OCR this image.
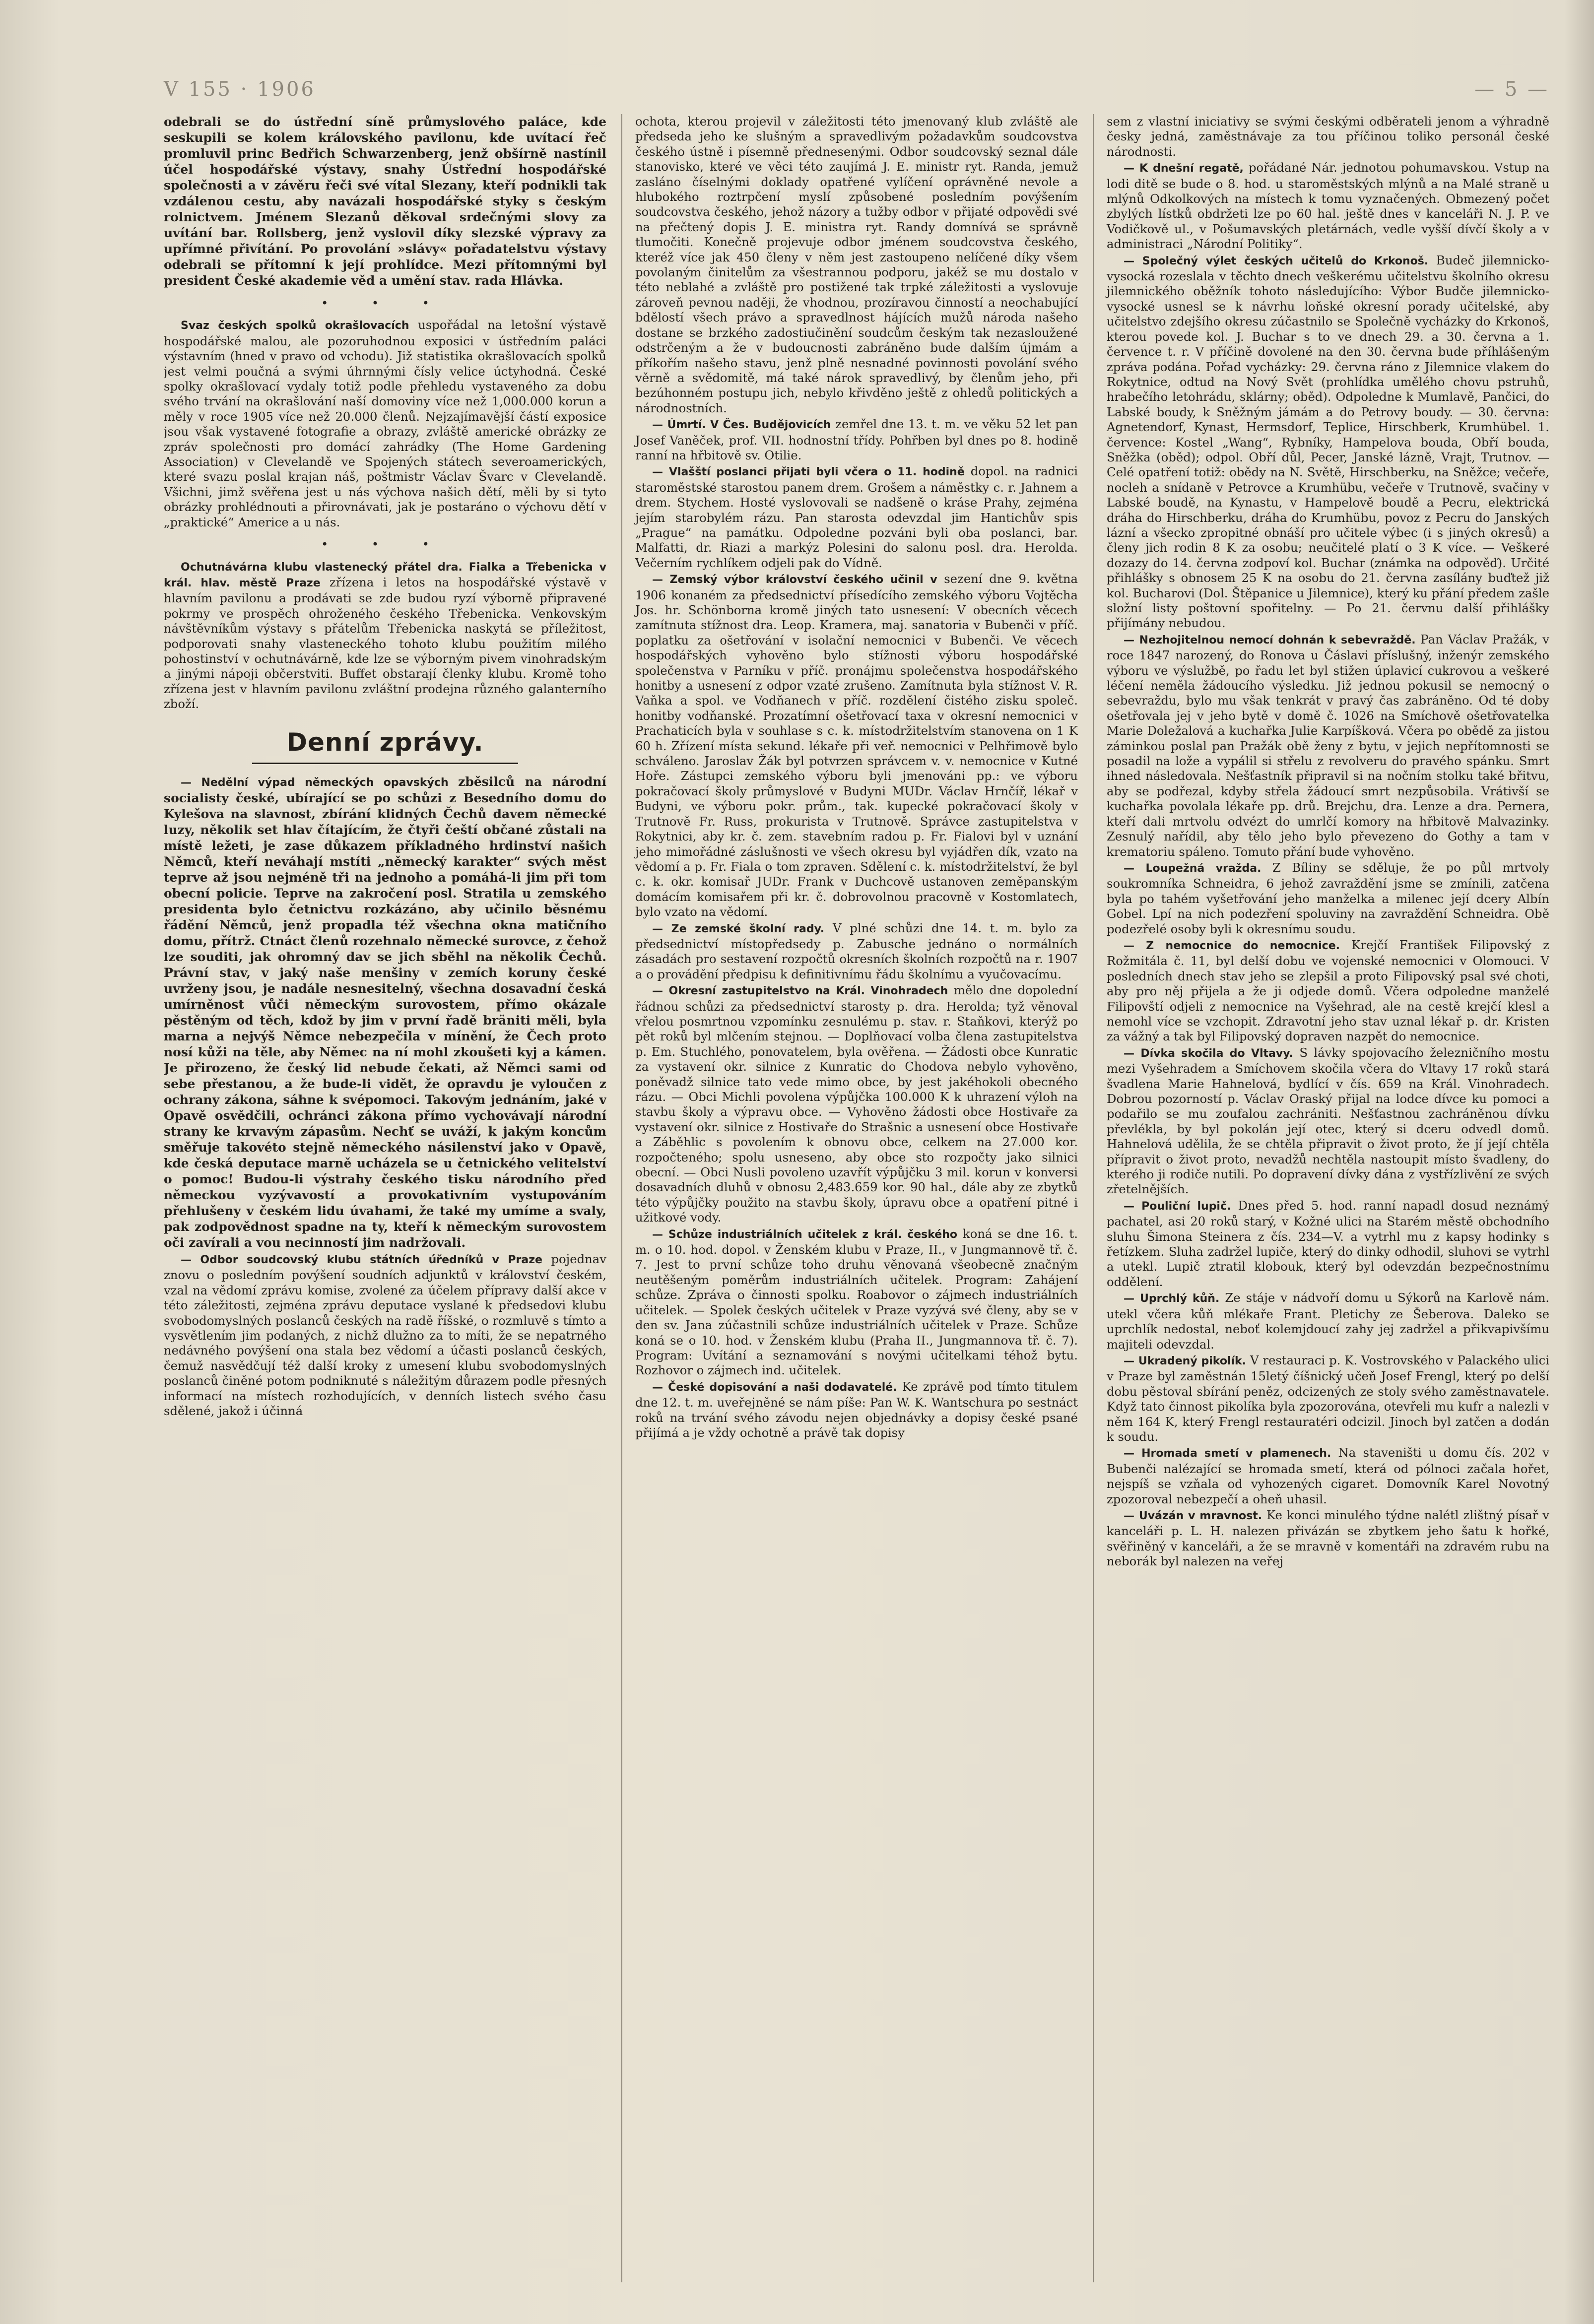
V 155 · 1906	— 5 —

odebrali se do ústřední síně průmyslového paláce, kde seskupili se kolem královského pavilonu, kde uvítací řeč promluvil princ Bedřich Schwarzenberg, jenž obšírně nastínil účel hospodářské výstavy, snahy Ústřední hospodářské společnosti a v závěru řeči své vítal Slezany, kteří podnikli tak vzdálenou cestu, aby navázali hospodářské styky s českým rolnictvem. Jménem Slezanů děkoval srdečnými slovy za uvítání bar. Rollsberg, jenž vyslovil díky slezské výpravy za upřímné přivítání. Po provolání »slávy« pořadatelstvu výstavy odebrali se přítomní k její prohlídce. Mezi přítomnými byl president České akademie věd a umění stav. rada Hlávka.

• • •

Svaz českých spolků okrašlovacích uspořádal na letošní výstavě hospodářské malou, ale pozoruhodnou exposici v ústředním paláci výstavním (hned v pravo od vchodu). Již statistika okrašlovacích spolků jest velmi poučná a svými úhrnnými čísly velice úctyhodná. České spolky okrašlovací vydaly totiž podle přehledu vystaveného za dobu svého trvání na okrašlování naší domoviny více než 1,000.000 korun a měly v roce 1905 více než 20.000 členů. Nejzajímavější částí exposice jsou však vystavené fotografie a obrazy, zvláště americké obrázky ze zpráv společnosti pro domácí zahrádky (The Home Gardening Association) v Clevelandě ve Spojených státech severoamerických, které svazu poslal krajan náš, poštmistr Václav Švarc v Clevelandě. Všichni, jimž svěřena jest u nás výchova našich dětí, měli by si tyto obrázky prohlédnouti a přirovnávati, jak je postaráno o výchovu dětí v „praktické“ Americe a u nás.

• • •

Ochutnávárna klubu vlastenecký přátel dra. Fialka a Třebenicka v král. hlav. městě Praze zřízena i letos na hospodářské výstavě v hlavním pavilonu a prodávati se zde budou ryzí výborně připravené pokrmy ve prospěch ohroženého českého Třebenicka. Venkovským návštěvníkům výstavy s přátelům Třebenicka naskytá se příležitost, podporovati snahy vlasteneckého tohoto klubu použitím milého pohostinství v ochutnávárně, kde lze se výborným pivem vinohradským a jinými nápoji občerstviti. Buffet obstarají členky klubu. Kromě toho zřízena jest v hlavním pavilonu zvláštní prodejna různého galanterního zboží.

Denní zprávy.

— Nedělní výpad německých opavských zběsilců na národní socialisty české, ubírající se po schůzi z Besedního domu do Kylešova na slavnost, zbírání klidných Čechů davem německé luzy, několik set hlav čítajícím, že čtyři čeští občané zůstali na místě ležeti, je zase důkazem příkladného hrdinství našich Němců, kteří neváhají mstíti „německý karakter“ svých měst teprve až jsou nejméně tři na jednoho a pomáhá-li jim při tom obecní policie. Teprve na zakročení posl. Stratila u zemského presidenta bylo četnictvu rozkázáno, aby učinilo běsnému řádění Němců, jenž propadla též všechna okna matičního domu, přítrž. Ctnáct členů rozehnalo německé surovce, z čehož lze souditi, jak ohromný dav se jich sběhl na několik Čechů. Právní stav, v jaký naše menšiny v zemích koruny české uvrženy jsou, je nadále nesnesitelný, všechna dosavadní česká umírněnost vůči německým surovostem, přímo okázale pěstěným od těch, kdož by jim v první řadě bräniti měli, byla marna a nejvýš Němce nebezpečila v mínění, že Čech proto nosí kůži na těle, aby Němec na ní mohl zkoušeti kyj a kámen. Je přirozeno, že český lid nebude čekati, až Němci sami od sebe přestanou, a že bude-li vidět, že opravdu je vyloučen z ochrany zákona, sáhne k svépomoci. Takovým jednáním, jaké v Opavě osvědčili, ochránci zákona přímo vychovávají národní strany ke krvavým zápasům. Nechť se uváží, k jakým koncům směřuje takovéto stejně německého násilenství jako v Opavě, kde česká deputace marně ucházela se u četnického velitelství o pomoc! Budou-li výstrahy českého tisku národního před německou vyzývavostí a provokativním vystupováním přehlušeny v českém lidu úvahami, že také my umíme a svaly, pak zodpovědnost spadne na ty, kteří k německým surovostem oči zavírali a vou necinností jim nadržovali.

— Odbor soudcovský klubu státních úředníků v Praze pojednav znovu o posledním povýšení soudních adjunktů v království českém, vzal na vědomí zprávu komise, zvolené za účelem přípravy další akce v této záležitosti, zejména zprávu deputace vyslané k předsedovi klubu svobodomyslných poslanců českých na radě říšské, o rozmluvě s tímto a vysvětlením jim podaných, z nichž dlužno za to míti, že se nepatrného nedávného povýšení ona stala bez vědomí a účasti poslanců českých, čemuž nasvědčují též další kroky z umesení klubu svobodomyslných poslanců činěné potom podniknuté s náležitým důrazem podle přesných informací na místech rozhodujících, v denních listech svého času sdělené, jakož i účinná

ochota, kterou projevil v záležitosti této jmenovaný klub zvláště ale předseda jeho ke slušným a spravedlivým požadavkům soudcovstva českého ústně i písemně přednesenými. Odbor soudcovský seznal dále stanovisko, které ve věci této zaujímá J. E. ministr ryt. Randa, jemuž zasláno číselnými doklady opatřené vylíčení oprávněné nevole a hlubokého roztrpčení myslí způsobené posledním povýšením soudcovstva českého, jehož názory a tužby odbor v přijaté odpovědi své na přečtený dopis J. E. ministra ryt. Randy domnívá se správně tlumočiti. Konečně projevuje odbor jménem soudcovstva českého, kteréž více jak 450 členy v něm jest zastoupeno nelíčené díky všem povolaným činitelům za všestrannou podporu, jakéž se mu dostalo v této neblahé a zvláště pro postižené tak trpké záležitosti a vyslovuje zároveň pevnou naději, že vhodnou, prozíravou činností a neochabující bdělostí všech právo a spravedlnost hájících mužů národa našeho dostane se brzkého zadostiučinění soudcům českým tak nezasloužené odstrčeným a že v budoucnosti zabráněno bude dalším újmám a příkořím našeho stavu, jenž plně nesnadné povinnosti povolání svého věrně a svědomitě, má také nárok spravedlivý, by členům jeho, při bezúhonném postupu jich, nebylo křivděno ještě z ohledů politických a národnostních.

— Úmrtí. V Čes. Budějovicích zemřel dne 13. t. m. ve věku 52 let pan Josef Vaněček, prof. VII. hodnostní třídy. Pohřben byl dnes po 8. hodině ranní na hřbitově sv. Otilie.

— Vlašští poslanci přijati byli včera o 11. hodině dopol. na radnici staroměstské starostou panem drem. Grošem a náměstky c. r. Jahnem a drem. Stychem. Hosté vyslovovali se nadšeně o kráse Prahy, zejména jejím starobylém rázu. Pan starosta odevzdal jim Hantichův spis „Prague“ na památku. Odpoledne pozváni byli oba poslanci, bar. Malfatti, dr. Riazi a markýz Polesini do salonu posl. dra. Herolda. Večerním rychlíkem odjeli pak do Vídně.

— Zemský výbor království českého učinil v sezení dne 9. května 1906 konaném za předsednictví přísedícího zemského výboru Vojtěcha Jos. hr. Schönborna kromě jiných tato usnesení: V obecních věcech zamítnuta stížnost dra. Leop. Kramera, maj. sanatoria v Bubenči v příč. poplatku za ošetřování v isolační nemocnici v Bubenči. Ve věcech hospodářských vyhověno bylo stížnosti výboru hospodářské společenstva v Parníku v příč. pronájmu společenstva hospodářského honitby a usnesení z odpor vzaté zrušeno. Zamítnuta byla stížnost V. R. Vaňka a spol. ve Vodňanech v příč. rozdělení čistého zisku společ. honitby vodňanské. Prozatímní ošetřovací taxa v okresní nemocnici v Prachaticích byla v souhlase s c. k. místodržitelstvím stanovena on 1 K 60 h. Zřízení místa sekund. lékaře při veř. nemocnici v Pelhřimově bylo schváleno. Jaroslav Žák byl potvrzen správcem v. v. nemocnice v Kutné Hoře. Zástupci zemského výboru byli jmenováni pp.: ve výboru pokračovací školy průmyslové v Budyni MUDr. Václav Hrnčíř, lékař v Budyni, ve výboru pokr. prům., tak. kupecké pokračovací školy v Trutnově Fr. Russ, prokurista v Trutnově. Správce zastupitelstva v Rokytnici, aby kr. č. zem. stavebním radou p. Fr. Fialovi byl v uznání jeho mimořádné záslušnosti ve všech okresu byl vyjádřen dík, vzato na vědomí a p. Fr. Fiala o tom zpraven. Sdělení c. k. místodržitelství, že byl c. k. okr. komisař JUDr. Frank v Duchcově ustanoven zeměpanským domácím komisařem při kr. č. dobrovolnou pracovně v Kostomlatech, bylo vzato na vědomí.

— Ze zemské školní rady. V plné schůzi dne 14. t. m. bylo za předsednictví místopředsedy p. Zabusche jednáno o normálních zásadách pro sestavení rozpočtů okresních školních rozpočtů na r. 1907 a o provádění předpisu k definitivnímu řádu školnímu a vyučovacímu.

— Okresní zastupitelstvo na Král. Vinohradech mělo dne dopolední řádnou schůzi za předsednictví starosty p. dra. Herolda; tyž věnoval vřelou posmrtnou vzpomínku zesnulému p. stav. r. Staňkovi, kterýž po pět roků byl mlčením stejnou. — Doplňovací volba člena zastupitelstva p. Em. Stuchlého, ponovatelem, byla ověřena. — Žádosti obce Kunratic za vystavení okr. silnice z Kunratic do Chodova nebylo vyhověno, poněvadž silnice tato vede mimo obce, by jest jakéhokoli obecného rázu. — Obci Michli povolena výpůjčka 100.000 K k uhrazení výloh na stavbu školy a výpravu obce. — Vyhověno žádosti obce Hostivaře za vystavení okr. silnice z Hostivaře do Strašnic a usnesení obce Hostivaře a Záběhlic s povolením k obnovu obce, celkem na 27.000 kor. rozpočteného; spolu usneseno, aby obce sto rozpočty jako silnici obecní. — Obci Nusli povoleno uzavřít výpůjčku 3 mil. korun v konversi dosavadních dluhů v obnosu 2,483.659 kor. 90 hal., dále aby ze zbytků této výpůjčky použito na stavbu školy, úpravu obce a opatření pitné i užitkové vody.

— Schůze industriálních učitelek z král. českého koná se dne 16. t. m. o 10. hod. dopol. v Ženském klubu v Praze, II., v Jungmannově tř. č. 7. Jest to první schůze toho druhu věnovaná všeobecně značným neutěšeným poměrům industriálních učitelek. Program: Zahájení schůze. Zpráva o činnosti spolku. Roabovor o zájmech industriálních učitelek. — Spolek českých učitelek v Praze vyzývá své členy, aby se v den sv. Jana zúčastnili schůze industriálních učitelek v Praze. Schůze koná se o 10. hod. v Ženském klubu (Praha II., Jungmannova tř. č. 7). Program: Uvítání a seznamování s novými učitelkami téhož bytu. Rozhovor o zájmech ind. učitelek.

— České dopisování a naši dodavatelé. Ke zprávě pod tímto titulem dne 12. t. m. uveřejněné se nám píše: Pan W. K. Wantschura po sestnáct roků na trvání svého závodu nejen objednávky a dopisy české psané přijímá a je vždy ochotně a právě tak dopisy

sem z vlastní iniciativy se svými českými odběrateli jenom a výhradně česky jedná, zaměstnávaje za tou příčinou toliko personál české národnosti.

— K dnešní regatě, pořádané Nár. jednotou pohumavskou. Vstup na lodi ditě se bude o 8. hod. u staroměstských mlýnů a na Malé straně u mlýnů Odkolkových na místech k tomu vyznačených. Obmezený počet zbylých lístků obdržeti lze po 60 hal. ještě dnes v kanceláři N. J. P. ve Vodičkově ul., v Pošumavských pletárnách, vedle vyšší dívčí školy a v administraci „Národní Politiky“.

— Společný výlet českých učitelů do Krkonoš. Budeč jilemnicko-vysocká rozeslala v těchto dnech veškerému učitelstvu školního okresu jilemnického oběžník tohoto následujícího: Výbor Budče jilemnicko-vysocké usnesl se k návrhu loňské okresní porady učitelské, aby učitelstvo zdejšího okresu zúčastnilo se Společně vycházky do Krkonoš, kterou povede kol. J. Buchar s to ve dnech 29. a 30. června a 1. července t. r. V příčině dovolené na den 30. června bude příhlášeným zpráva podána. Pořad vycházky: 29. června ráno z Jilemnice vlakem do Rokytnice, odtud na Nový Svět (prohlídka umělého chovu pstruhů, hrabečího letohrádu, sklárny; oběd). Odpoledne k Mumlavě, Pančici, do Labské boudy, k Sněžným jámám a do Petrovy boudy. — 30. června: Agnetendorf, Kynast, Hermsdorf, Teplice, Hirschberk, Krumhübel. 1. července: Kostel „Wang“, Rybníky, Hampelova bouda, Obří bouda, Sněžka (oběd); odpol. Obří důl, Pecer, Janské lázně, Vrajt, Trutnov. — Celé opatření totiž: obědy na N. Světě, Hirschberku, na Sněžce; večeře, nocleh a snídaně v Petrovce a Krumhübu, večeře v Trutnově, svačiny v Labské boudě, na Kynastu, v Hampelově boudě a Pecru, elektrická dráha do Hirschberku, dráha do Krumhübu, povoz z Pecru do Janských lázní a všecko zpropitné obnáší pro učitele výbec (i s jiných okresů) a členy jich rodin 8 K za osobu; neučitelé platí o 3 K více. — Veškeré dozazy do 14. června zodpoví kol. Buchar (známka na odpověď). Určité přihlášky s obnosem 25 K na osobu do 21. června zasílány buďtež již kol. Bucharovi (Dol. Štěpanice u Jilemnice), který ku přání předem zašle složní listy poštovní spořitelny. — Po 21. červnu další přihlášky přijímány nebudou.

— Nezhojitelnou nemocí dohnán k sebevraždě. Pan Václav Pražák, v roce 1847 narozený, do Ronova u Čáslavi příslušný, inženýr zemského výboru ve výslužbě, po řadu let byl stižen úplavicí cukrovou a veškeré léčení neměla žádoucího výsledku. Již jednou pokusil se nemocný o sebevraždu, bylo mu však tenkrát v pravý čas zabráněno. Od té doby ošetřovala jej v jeho bytě v domě č. 1026 na Smíchově ošetřovatelka Marie Doležalová a kuchařka Julie Karpíšková. Včera po obědě za jistou záminkou poslal pan Pražák obě ženy z bytu, v jejich nepřítomnosti se posadil na lože a vypálil si střelu z revolveru do pravého spánku. Smrt ihned následovala. Nešťastník připravil si na nočním stolku také břitvu, aby se podřezal, kdyby střela žádoucí smrt nezpůsobila. Vrátivší se kuchařka povolala lékaře pp. drů. Brejchu, dra. Lenze a dra. Pernera, kteří dali mrtvolu odvézt do umrlčí komory na hřbitově Malvazinky. Zesnulý nařídil, aby tělo jeho bylo převezeno do Gothy a tam v krematoriu spáleno. Tomuto přání bude vyhověno.

— Loupežná vražda. Z Bíliny se sděluje, že po půl mrtvoly soukromníka Schneidra, 6 jehož zavraždění jsme se zmínili, zatčena byla po tahém vyšetřování jeho manželka a milenec její dcery Albín Gobel. Lpí na nich podezření spoluviny na zavraždění Schneidra. Obě podezřelé osoby byli k okresnímu soudu.

— Z nemocnice do nemocnice. Krejčí František Filipovský z Rožmitála č. 11, byl delší dobu ve vojenské nemocnici v Olomouci. V posledních dnech stav jeho se zlepšil a proto Filipovský psal své choti, aby pro něj přijela a že ji odjede domů. Včera odpoledne manželé Filipovští odjeli z nemocnice na Vyšehrad, ale na cestě krejčí klesl a nemohl více se vzchopit. Zdravotní jeho stav uznal lékař p. dr. Kristen za vážný a tak byl Filipovský dopraven nazpět do nemocnice.

— Dívka skočila do Vltavy. S lávky spojovacího železničního mostu mezi Vyšehradem a Smíchovem skočila včera do Vltavy 17 roků stará švadlena Marie Hahnelová, bydlící v čís. 659 na Král. Vinohradech. Dobrou pozorností p. Václav Oraský přijal na lodce dívce ku pomoci a podařilo se mu zoufalou zachrániti. Nešťastnou zachráněnou dívku převlékla, by byl pokolán její otec, který si dceru odvedl domů. Hahnelová udělila, že se chtěla připravit o život proto, že jí její chtěla přípravit o život proto, nevadžů nechtěla nastoupit místo švadleny, do kterého ji rodiče nutili. Po dopravení dívky dána z vystřízlivění ze svých zřetelnějších.

— Pouliční lupič. Dnes před 5. hod. ranní napadl dosud neznámý pachatel, asi 20 roků starý, v Kožné ulici na Starém městě obchodního sluhu Šimona Steinera z čís. 234—V. a vytrhl mu z kapsy hodinky s řetízkem. Sluha zadržel lupiče, který do dinky odhodil, sluhovi se vytrhl a utekl. Lupič ztratil klobouk, který byl odevzdán bezpečnostnímu oddělení.

— Uprchlý kůň. Ze stáje v nádvoří domu u Sýkorů na Karlově nám. utekl včera kůň mlékaře Frant. Pletichy ze Šeberova. Daleko se uprchlík nedostal, neboť kolemjdoucí zahy jej zadržel a přikvapivšímu majiteli odevzdal.

— Ukradený pikolík. V restauraci p. K. Vostrovského v Palackého ulici v Praze byl zaměstnán 15letý číšnický učeň Josef Frengl, který po delší dobu pěstoval sbírání peněz, odcizených ze stoly svého zaměstnavatele. Když tato činnost pikolíka byla zpozorována, otevřeli mu kufr a nalezli v něm 164 K, který Frengl restauratéri odcizil. Jinoch byl zatčen a dodán k soudu.

— Hromada smetí v plamenech. Na staveništi u domu čís. 202 v Bubenči nalézající se hromada smetí, která od pólnoci začala hořet, nejspíš se vzňala od vyhozených cigaret. Domovník Karel Novotný zpozoroval nebezpečí a oheň uhasil.

— Uvázán v mravnost. Ke konci minulého týdne nalétl zlištný písař v kanceláři p. L. H. nalezen přivázán se zbytkem jeho šatu k hořké, svěřiněný v kanceláři, a že se mravně v komentáři na zdravém rubu na neborák byl nalezen na veřej
